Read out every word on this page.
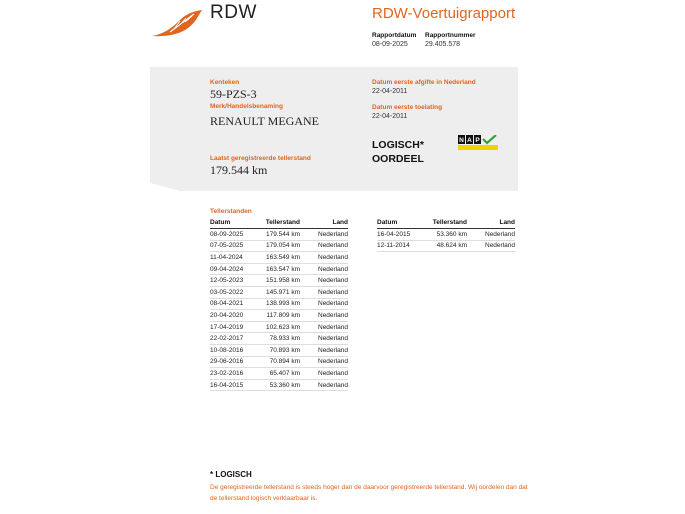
RDW	RDW-Voertuigrapport
Rapportdatum
08-09-2025
Rapportnummer
29.405.578
Kenteken
59-PZS-3
Merk/Handelsbenaming
RENAULT MEGANE
Laatst geregistreerde tellerstand
179.544 km
Datum eerste afgifte in Nederland
22-04-2011
Datum eerste toelating
22-04-2011
LOGISCH*
OORDEEL
N A P
Tellerstanden
Datum	Tellerstand	Land
08-09-2025	179.544 km	Nederland
07-05-2025	179.054 km	Nederland
11-04-2024	163.549 km	Nederland
09-04-2024	163.547 km	Nederland
12-05-2023	151.958 km	Nederland
03-05-2022	145.971 km	Nederland
08-04-2021	138.993 km	Nederland
20-04-2020	117.809 km	Nederland
17-04-2019	102.623 km	Nederland
22-02-2017	78.933 km	Nederland
10-08-2016	70.893 km	Nederland
29-06-2016	70.894 km	Nederland
23-02-2016	65.407 km	Nederland
16-04-2015	53.360 km	Nederland
Datum	Tellerstand	Land
16-04-2015	53.360 km	Nederland
12-11-2014	48.624 km	Nederland
* LOGISCH
De geregistreerde tellerstand is steeds hoger dan de daarvoor geregistreerde tellerstand. Wij oordelen dan dat de tellerstand logisch verklaarbaar is.
